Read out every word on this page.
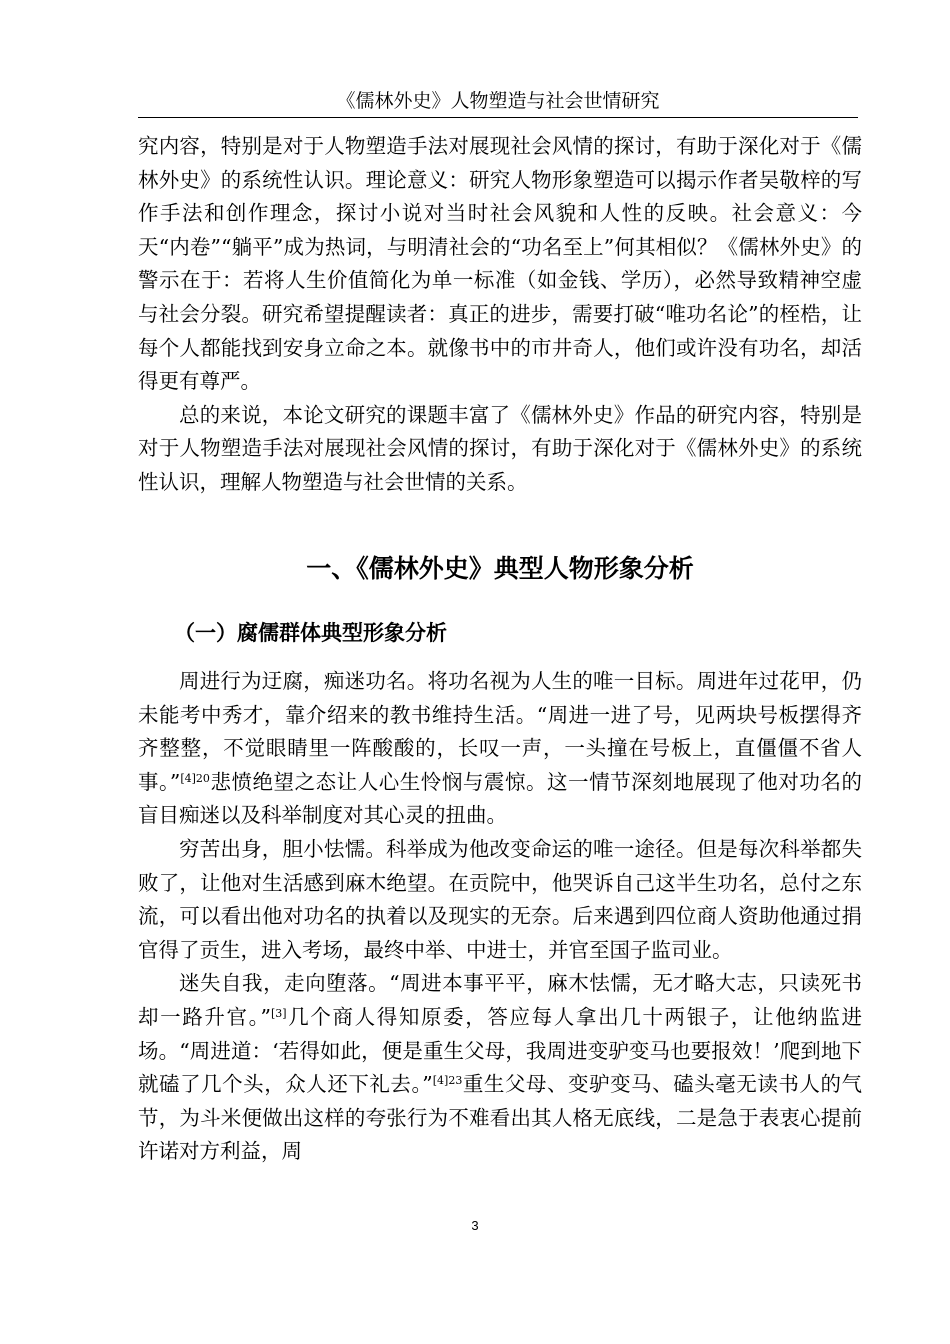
《儒林外史》人物塑造与社会世情研究

究内容，特别是对于人物塑造手法对展现社会风情的探讨，有助于深化对于《儒林外史》的系统性认识。理论意义：研究人物形象塑造可以揭示作者吴敬梓的写作手法和创作理念，探讨小说对当时社会风貌和人性的反映。社会意义：今天“内卷”“躺平”成为热词，与明清社会的“功名至上”何其相似？《儒林外史》的警示在于：若将人生价值简化为单一标准（如金钱、学历），必然导致精神空虚与社会分裂。研究希望提醒读者：真正的进步，需要打破“唯功名论”的桎梏，让每个人都能找到安身立命之本。就像书中的市井奇人，他们或许没有功名，却活得更有尊严。

总的来说，本论文研究的课题丰富了《儒林外史》作品的研究内容，特别是对于人物塑造手法对展现社会风情的探讨，有助于深化对于《儒林外史》的系统性认识，理解人物塑造与社会世情的关系。

一、《儒林外史》典型人物形象分析
（一）腐儒群体典型形象分析

周进行为迂腐，痴迷功名。将功名视为人生的唯一目标。周进年过花甲，仍未能考中秀才，靠介绍来的教书维持生活。“周进一进了号，见两块号板摆得齐齐整整，不觉眼睛里一阵酸酸的，长叹一声，一头撞在号板上，直僵僵不省人事。”$^{[4]20}$悲愤绝望之态让人心生怜悯与震惊。这一情节深刻地展现了他对功名的盲目痴迷以及科举制度对其心灵的扭曲。

穷苦出身，胆小怯懦。科举成为他改变命运的唯一途径。但是每次科举都失败了，让他对生活感到麻木绝望。在贡院中，他哭诉自己这半生功名，总付之东流，可以看出他对功名的执着以及现实的无奈。后来遇到四位商人资助他通过捐官得了贡生，进入考场，最终中举、中进士，并官至国子监司业。

迷失自我，走向堕落。“周进本事平平，麻木怯懦，无才略大志，只读死书却一路升官。”[3]几个商人得知原委，答应每人拿出几十两银子，让他纳监进场。“周进道：‘若得如此，便是重生父母，我周进变驴变马也要报效！’爬到地下就磕了几个头，众人还下礼去。”$^{[4]23}$重生父母、变驴变马、磕头毫无读书人的气节，为斗米便做出这样的夸张行为不难看出其人格无底线，二是急于表衷心提前许诺对方利益，周

3
